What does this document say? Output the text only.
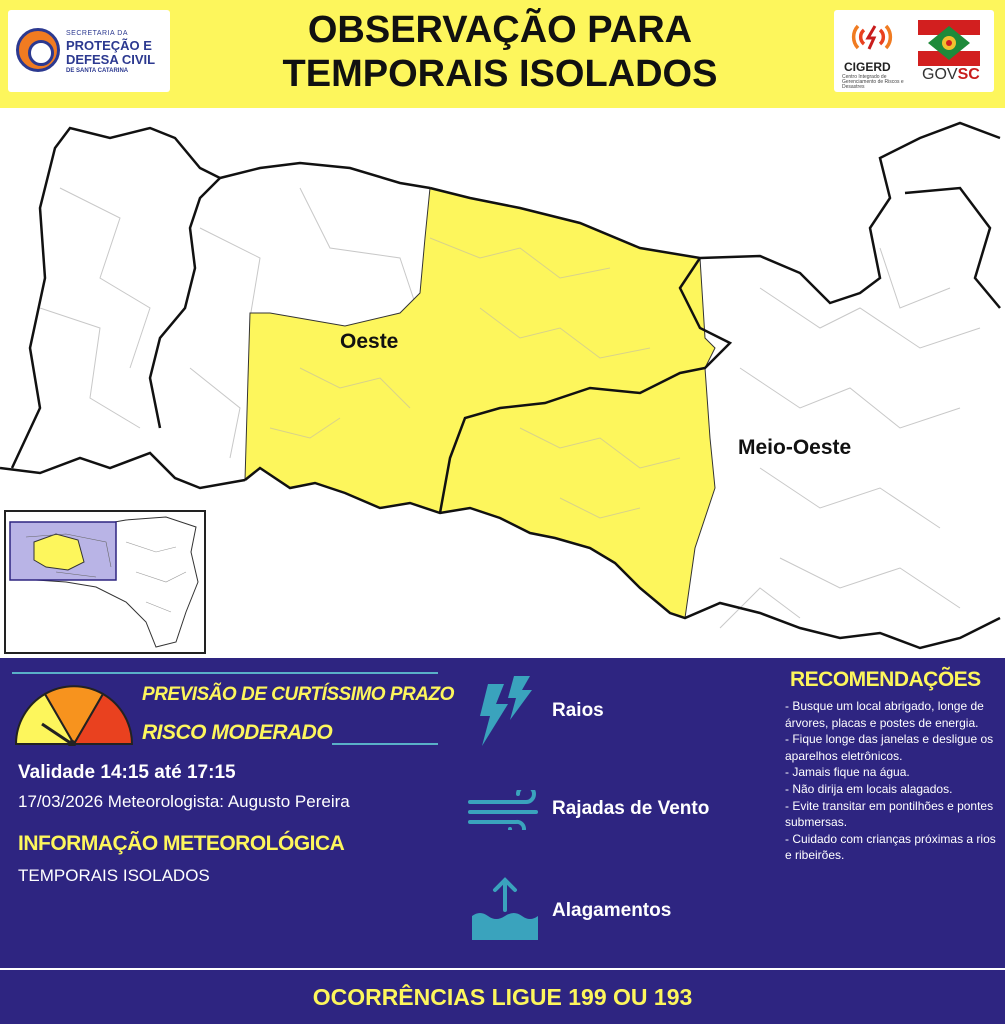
SECRETARIA DA
PROTEÇÃO E
DEFESA CIVIL
DE SANTA CATARINA
OBSERVAÇÃO PARA
TEMPORAIS ISOLADOS	CIGERD
Centro Integrado de Gerenciamento de Riscos e Desastres
GOVSC
Oeste
Meio-Oeste
PREVISÃO DE CURTÍSSIMO PRAZO
RISCO MODERADO
Validade 14:15 até 17:15
17/03/2026 Meteorologista: Augusto Pereira
INFORMAÇÃO METEOROLÓGICA
TEMPORAIS ISOLADOS
Raios
Rajadas de Vento
Alagamentos
RECOMENDAÇÕES
- Busque um local abrigado, longe de árvores, placas e postes de energia.
- Fique longe das janelas e desligue os aparelhos eletrônicos.
- Jamais fique na água.
- Não dirija em locais alagados.
- Evite transitar em pontilhões e pontes submersas.
- Cuidado com crianças próximas a rios e ribeirões.
OCORRÊNCIAS LIGUE 199 OU 193
